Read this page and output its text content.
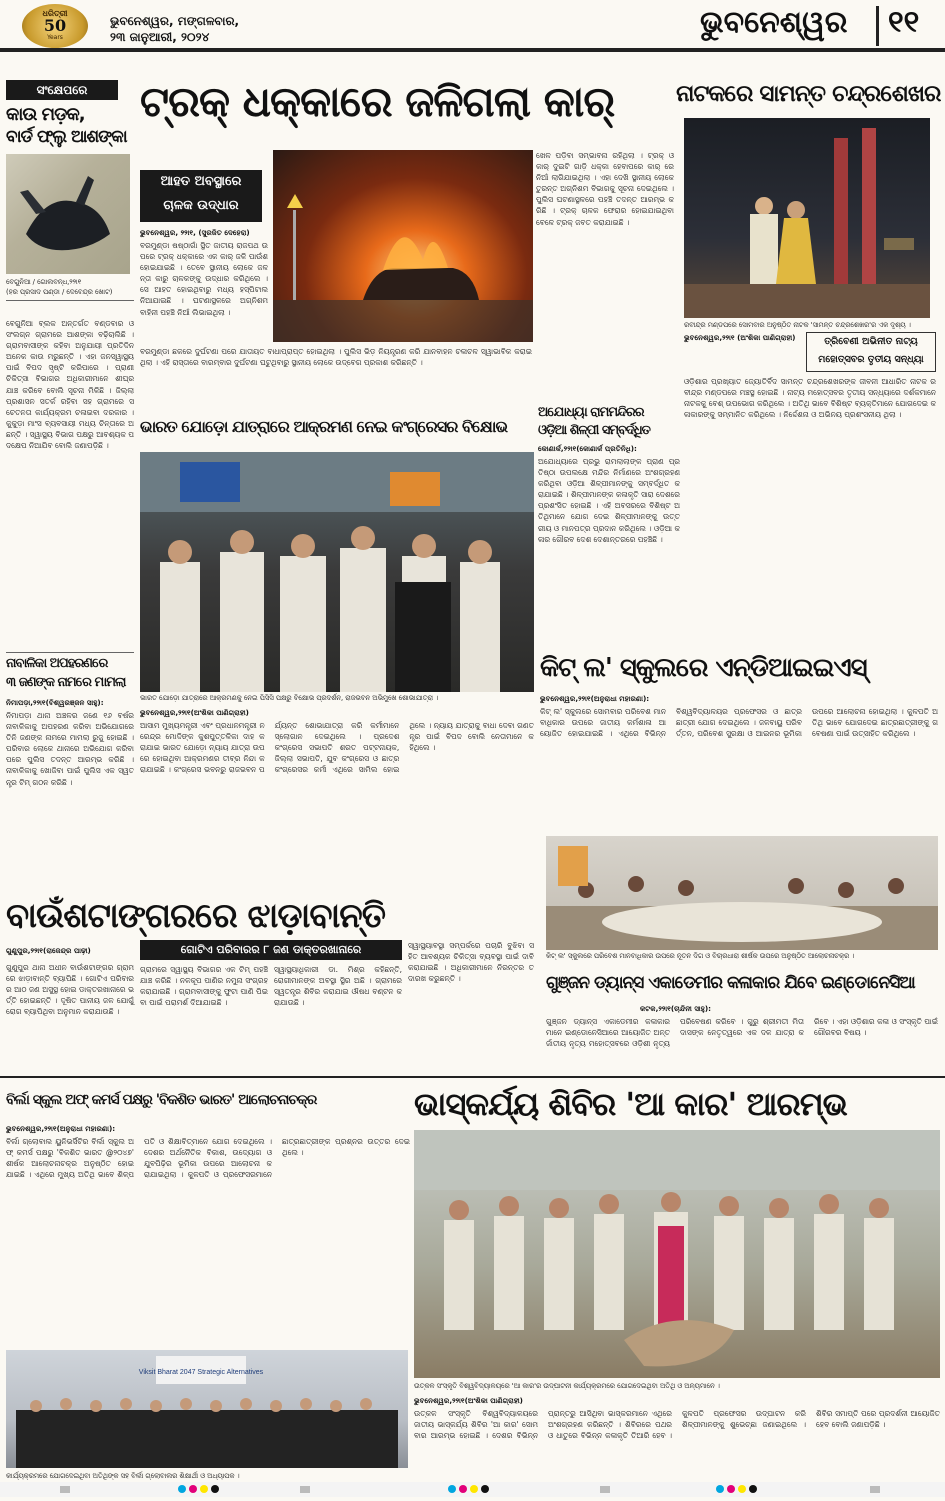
ଧରିତ୍ରୀ
50
Years
ଭୁବନେଶ୍ୱର, ମଙ୍ଗଳବାର,
୨୩ ଜାନୁଆରୀ, ୨୦୨୪	ଭୁବନେଶ୍ୱର ୧୧
ସଂକ୍ଷେପରେ
କାଉ ମଡ଼କ,
ବାର୍ଡ ଫ୍ଲୁ ଆଶଙ୍କା
ବେଗୁନିଆ / ଗୋଲବନ୍ଧ,୨୨ା୧
(ହର ପ୍ରସାଦ ପଣ୍ଡା / ଦେବେନ୍ଦ୍ର ଖୋଟ)
ବେଗୁନିଆ ବ୍ଲକ ଅନ୍ତର୍ଗତ ବଣ୍ଡବାର ଓ ସଂଲଗ୍ନ ଗ୍ରାମରେ ଆଶଙ୍କା ବଢ଼ିଚାଲିଛି । ଗ୍ରାମବାସୀଙ୍କ କହିବା ଅନୁଯାୟୀ ପ୍ରତିଦିନ ଅନେକ କାଉ ମରୁଛନ୍ତି । ଏହା ଜନସ୍ୱାସ୍ଥ୍ୟ ପାଇଁ ବିପଦ ସୃଷ୍ଟି କରିପାରେ । ପ୍ରାଣୀ ଚିକିତ୍ସା ବିଭାଗର ଅଧିକାରୀମାନେ ଶୀଘ୍ର ଯାଞ୍ଚ କରିବେ ବୋଲି ସୂଚନା ମିଳିଛି । ଜିଲ୍ଲା ପ୍ରଶାସନ ସତର୍କ ରହିବା ସହ ଗ୍ରାମରେ ସଚେତନତା କାର୍ଯ୍ୟକ୍ରମ ଚଳାଇବା ଦରକାର । କୁକୁଡ଼ା ମାଂସ ବ୍ୟବସାୟୀ ମଧ୍ୟ ଚିନ୍ତାରେ ଅଛନ୍ତି । ସ୍ୱାସ୍ଥ୍ୟ ବିଭାଗ ପକ୍ଷରୁ ଆବଶ୍ୟକ ପଦକ୍ଷେପ ନିଆଯିବ ବୋଲି ଜଣାପଡ଼ିଛି ।
ନାବାଳିକା ଅପହରଣରେ
୩ ଜଣଙ୍କ ନାମରେ ମାମଲା
ନିମାପଡ଼ା,୨୨ା୧(ବିଶ୍ୱରଞ୍ଜନ ସାହୁ):
ନିମାପଡ଼ା ଥାନା ଅଞ୍ଚଳର ଜଣେ ୧୬ ବର୍ଷର ନାବାଳିକାକୁ ଅପହରଣ କରିବା ଅଭିଯୋଗରେ ତିନି ଜଣଙ୍କ ନାମରେ ମାମଲା ରୁଜୁ ହୋଇଛି । ପରିବାର ଲୋକେ ଥାନାରେ ଅଭିଯୋଗ କରିବା ପରେ ପୁଲିସ ତଦନ୍ତ ଆରମ୍ଭ କରିଛି । ନାବାଳିକାକୁ ଖୋଜିବା ପାଇଁ ପୁଲିସ ଏକ ସ୍ୱତନ୍ତ୍ର ଟିମ୍ ଗଠନ କରିଛି ।
ଟ୍ରକ୍ ଧକ୍କାରେ ଜଳିଗଲା କାର୍
ଆହତ ଅବସ୍ଥାରେ
ଚାଳକ ଉଦ୍ଧାର
ଭୁବନେଶ୍ୱର, ୨୨ା୧, (ସୁରଜିତ ଦେହେରା)
ବରମୁଣ୍ଡା ଷଷ୍ଠାଗାଁ ସ୍ଥିତ ଜାତୀୟ ରାଜପଥ ଉପରେ ଟ୍ରକ୍ ଧକ୍କାରେ ଏକ କାର୍ ଜଳି ପାଉଁଶ ହୋଇଯାଇଛି । ତେବେ ସ୍ଥାନୀୟ ଲୋକେ ଜଳନ୍ତା କାରୁ ଚାଳକଙ୍କୁ ଉଦ୍ଧାର କରିଥିଲେ । ସେ ଆହତ ହୋଇଥିବାରୁ ମଧ୍ୟ ହସ୍ପିଟାଲ ନିଆଯାଇଛି । ଘଟଣାସ୍ଥଳରେ ଅଗ୍ନିଶମ ବାହିନୀ ପହଞ୍ଚି ନିଆଁ ଲିଭାଇଥିଲା ।
ଖେଳ ପଡ଼ିବା ସମ୍ଭାବନା ରହିଥିଲା । ଟ୍ରକ୍ ଓ କାର୍ ଦୁଇଟି ଗାଡ଼ି ଧକ୍କା ହେବାପରେ କାର୍ ରେ ନିଆଁ ଲାଗିଯାଇଥିଲା । ଏହା ଦେଖି ସ୍ଥାନୀୟ ଲୋକେ ତୁରନ୍ତ ଅଗ୍ନିଶମ ବିଭାଗକୁ ସୂଚନା ଦେଇଥିଲେ । ପୁଲିସ ଘଟଣାସ୍ଥଳରେ ପହଞ୍ଚି ତଦନ୍ତ ଆରମ୍ଭ କରିଛି । ଟ୍ରକ୍ ଚାଳକ ଫେରାର ହୋଇଯାଇଥିବା ବେଳେ ଟ୍ରକ୍ ଜବତ କରାଯାଇଛି ।
ବରମୁଣ୍ଡା ଛକରେ ଦୁର୍ଘଟଣା ପରେ ଯାତାୟତ ବାଧାପ୍ରାପ୍ତ ହୋଇଥିଲା । ପୁଲିସ ଭିଡ଼ ନିୟନ୍ତ୍ରଣ କରି ଯାନବାହନ ଚଳାଚଳ ସ୍ୱାଭାବିକ କରାଇଥିଲା । ଏହି ରାସ୍ତାରେ ବାରମ୍ବାର ଦୁର୍ଘଟଣା ଘଟୁଥିବାରୁ ସ୍ଥାନୀୟ ଲୋକେ ଉଦ୍ବେଗ ପ୍ରକାଶ କରିଛନ୍ତି ।
ନାଟକରେ ସାମନ୍ତ ଚନ୍ଦ୍ରଶେଖର
ରବୀନ୍ଦ୍ର ମଣ୍ଡପରେ ସୋମବାର ଅନୁଷ୍ଠିତ ନାଟକ 'ସାମନ୍ତ ଚନ୍ଦ୍ରଶେଖର'ର ଏକ ଦୃଶ୍ୟ ।
ଭୁବନେଶ୍ୱର,୨୨ା୧ (ଅଂଶିକା ପାଣିଗ୍ରାହୀ)	ତ୍ରିବେଣୀ ଅଭିନୀତ ନାଟ୍ୟ
ମହୋତ୍ସବର ତୃତୀୟ ସନ୍ଧ୍ୟା
ଓଡ଼ିଶାର ପ୍ରଖ୍ୟାତ ଜ୍ୟୋତିର୍ବିଦ ସାମନ୍ତ ଚନ୍ଦ୍ରଶେଖରଙ୍କ ଜୀବନୀ ଆଧାରିତ ନାଟକ ରବୀନ୍ଦ୍ର ମଣ୍ଡପରେ ମଞ୍ଚସ୍ଥ ହୋଇଛି । ନାଟ୍ୟ ମହୋତ୍ସବର ତୃତୀୟ ସନ୍ଧ୍ୟାରେ ଦର୍ଶକମାନେ ନାଟକକୁ ବେଶ୍ ଉପଭୋଗ କରିଥିଲେ । ଅତିଥି ଭାବେ ବିଶିଷ୍ଟ ବ୍ୟକ୍ତିମାନେ ଯୋଗଦେଇ କଳାକାରଙ୍କୁ ସମ୍ମାନିତ କରିଥିଲେ । ନିର୍ଦ୍ଦେଶନା ଓ ଅଭିନୟ ପ୍ରଶଂସନୀୟ ଥିଲା ।
ଭାରତ ଯୋଡ଼ୋ ଯାତ୍ରାରେ ଆକ୍ରମଣ ନେଇ କଂଗ୍ରେସର ବିକ୍ଷୋଭ
ଭାରତ ଯୋଡ଼ୋ ଯାତ୍ରାରେ ଆକ୍ରମଣକୁ ନେଇ ପିସିସି ପକ୍ଷରୁ ବିକ୍ଷୋଭ ପ୍ରଦର୍ଶନ, ରାଜଭବନ ଅଭିମୁଖେ ଶୋଭାଯାତ୍ରା ।
ଭୁବନେଶ୍ୱର,୨୨ା୧(ଅଂଶିକା ପାଣିଗ୍ରାହୀ)
ଆସାମ ମୁଖ୍ୟମନ୍ତ୍ରୀ ଏବଂ ପ୍ରଧାନମନ୍ତ୍ରୀ ନରେନ୍ଦ୍ର ମୋଦିଙ୍କ କୁଶପୁତ୍ତଳିକା ଦାହ କରାଯାଇ ଭାରତ ଯୋଡ଼ୋ ନ୍ୟାୟ ଯାତ୍ରା ଉପରେ ହୋଇଥିବା ଆକ୍ରମଣର ତୀବ୍ର ନିନ୍ଦା କରାଯାଇଛି । କଂଗ୍ରେସ ଭବନରୁ ରାଜଭବନ ପର୍ଯ୍ୟନ୍ତ ଶୋଭାଯାତ୍ରା କରି କର୍ମୀମାନେ ସ୍ଲୋଗାନ ଦେଇଥିଲେ । ପ୍ରଦେଶ କଂଗ୍ରେସ ସଭାପତି ଶରତ ପଟ୍ଟନାୟକ, ଜିଲ୍ଲା ସଭାପତି, ଯୁବ କଂଗ୍ରେସ ଓ ଛାତ୍ର କଂଗ୍ରେସର କର୍ମୀ ଏଥିରେ ସାମିଲ ହୋଇଥିଲେ । ନ୍ୟାୟ ଯାତ୍ରାକୁ ବାଧା ଦେବା ଗଣତନ୍ତ୍ର ପାଇଁ ବିପଦ ବୋଲି ନେତାମାନେ କହିଥିଲେ ।
ଅଯୋଧ୍ୟା ରାମମନ୍ଦିରର
ଓଡ଼ିଆ ଶିଳ୍ପୀ ସମ୍ବର୍ଦ୍ଧିତ
କୋଣାର୍କ,୨୨ା୧(କୋଣାର୍କ ପ୍ରତିନିଧି):
ଅଯୋଧ୍ୟାରେ ପ୍ରଭୁ ରାମଲାଲାଙ୍କ ପ୍ରାଣ ପ୍ରତିଷ୍ଠା ଉପଲକ୍ଷେ ମନ୍ଦିର ନିର୍ମାଣରେ ଅଂଶଗ୍ରହଣ କରିଥିବା ଓଡ଼ିଆ ଶିଳ୍ପୀମାନଙ୍କୁ ସମ୍ବର୍ଦ୍ଧିତ କରାଯାଇଛି । ଶିଳ୍ପୀମାନଙ୍କ କଳାକୃତି ସାରା ଦେଶରେ ପ୍ରଶଂସିତ ହୋଇଛି । ଏହି ଅବସରରେ ବିଶିଷ୍ଟ ଅତିଥିମାନେ ଯୋଗ ଦେଇ ଶିଳ୍ପୀମାନଙ୍କୁ ଉତ୍ତରୀୟ ଓ ମାନପତ୍ର ପ୍ରଦାନ କରିଥିଲେ । ଓଡ଼ିଆ କଳାର ଗୌରବ ଦେଶ ଦେଶାନ୍ତରରେ ପହଞ୍ଚିଛି ।
କିଟ୍ ଲ' ସ୍କୁଲରେ ଏନ୍‌ଡିଆଇଇଏସ୍
ଭୁବନେଶ୍ୱର,୨୨ା୧(ଅନୁରାଧା ମହାରଣା):
କିଟ୍ ଲ' ସ୍କୁଲରେ ସୋମବାର ପରିବେଶ ମାନବାଧିକାର ଉପରେ ଜାତୀୟ କର୍ମଶାଳା ଆୟୋଜିତ ହୋଇଯାଇଛି । ଏଥିରେ ବିଭିନ୍ନ ବିଶ୍ୱବିଦ୍ୟାଳୟର ପ୍ରଫେସର ଓ ଛାତ୍ରଛାତ୍ରୀ ଯୋଗ ଦେଇଥିଲେ । ଜଳବାୟୁ ପରିବର୍ତ୍ତନ, ପରିବେଶ ସୁରକ୍ଷା ଓ ଆଇନର ଭୂମିକା ଉପରେ ଆଲୋଚନା ହୋଇଥିଲା । କୁଳପତି ଅତିଥି ଭାବେ ଯୋଗଦେଇ ଛାତ୍ରଛାତ୍ରୀଙ୍କୁ ଗବେଷଣା ପାଇଁ ଉତ୍ସାହିତ କରିଥିଲେ ।
କିଟ୍ ଲ' ସ୍କୁଲରେ ପରିବେଶ ମାନବାଧିକାର ଉପରେ ନୂତନ ଦିଗ ଓ ବିଚାରଧାରା ଶୀର୍ଷକ ଉପରେ ଅନୁଷ୍ଠିତ ଆଲୋଚନାଚକ୍ର ।
ବାଉଁଶଟାଙ୍ଗରରେ ଝାଡ଼ାବାନ୍ତି
ଗୁଣୁପୁର,୨୨ା୧(ରାଜେନ୍ଦ୍ର ପାଢ଼ୀ)	ଗୋଟିଏ ପରିବାରର ୮ ଜଣ ଡାକ୍ତରଖାନାରେ
ଗୁଣୁପୁର ଥାନା ଅଧୀନ ବାଉଁଶଟାଙ୍ଗର ଗ୍ରାମରେ ଝାଡ଼ାବାନ୍ତି ବ୍ୟାପିଛି । ଗୋଟିଏ ପରିବାରର ଆଠ ଜଣ ଅସୁସ୍ଥ ହୋଇ ଡାକ୍ତରଖାନାରେ ଭର୍ତ୍ତି ହୋଇଛନ୍ତି । ଦୂଷିତ ପାନୀୟ ଜଳ ଯୋଗୁଁ ରୋଗ ବ୍ୟାପିଥିବା ଅନୁମାନ କରାଯାଉଛି ।
ଗ୍ରାମରେ ସ୍ୱାସ୍ଥ୍ୟ ବିଭାଗର ଏକ ଟିମ୍ ପହଞ୍ଚି ଯାଞ୍ଚ କରିଛି । ନଳକୂପ ପାଣିର ନମୁନା ସଂଗ୍ରହ କରାଯାଇଛି । ଗ୍ରାମବାସୀଙ୍କୁ ଫୁଟା ପାଣି ପିଇବା ପାଇଁ ପରାମର୍ଶ ଦିଆଯାଇଛି ।
ସ୍ୱାସ୍ଥ୍ୟାଧିକାରୀ ଡା. ମିଶ୍ର କହିଛନ୍ତି, ରୋଗୀମାନଙ୍କ ଅବସ୍ଥା ସ୍ଥିର ଅଛି । ଗ୍ରାମରେ ସ୍ୱତନ୍ତ୍ର ଶିବିର କରାଯାଇ ଔଷଧ ବଣ୍ଟନ କରାଯାଉଛି ।
ସ୍ୱାସ୍ଥ୍ୟାବସ୍ଥା ସମ୍ପର୍କରେ ପଚାରି ବୁଝିବା ସହିତ ଆବଶ୍ୟକ ଚିକିତ୍ସା ବ୍ୟବସ୍ଥା ପାଇଁ ଦାବି କରାଯାଇଛି । ଅଧିକାରୀମାନେ ନିରନ୍ତର ତଦାରଖ କରୁଛନ୍ତି ।	ଗୁଞ୍ଜନ ଡ୍ୟାନ୍ସ ଏକାଡେମୀର କଳାକାର ଯିବେ ଇଣ୍ଡୋନେସିଆ
କଟକ,୨୨ା୧(ଚାନ୍ଦିନୀ ସାହୁ):
ଗୁଞ୍ଜନ ଡ୍ୟାନ୍ସ ଏକାଡେମୀର କଳାକାରମାନେ ଇଣ୍ଡୋନେସିଆରେ ଆୟୋଜିତ ଅନ୍ତର୍ଜାତୀୟ ନୃତ୍ୟ ମହୋତ୍ସବରେ ଓଡ଼ିଶୀ ନୃତ୍ୟ ପରିବେଷଣ କରିବେ । ଗୁରୁ ଶ୍ରୀମତୀ ମିତା ଦାସଙ୍କ ନେତୃତ୍ୱରେ ଏକ ଦଳ ଯାତ୍ରା କରିବେ । ଏହା ଓଡ଼ିଶାର କଳା ଓ ସଂସ୍କୃତି ପାଇଁ ଗୌରବର ବିଷୟ ।
ବିର୍ଲା ସ୍କୁଲ ଅଫ୍ କମର୍ସ ପକ୍ଷରୁ 'ବିକଶିତ ଭାରତ' ଆଲୋଚନାଚକ୍ର
ଭୁବନେଶ୍ୱର,୨୨ା୧(ଅନୁରାଧା ମହାରଣା):
ବିର୍ଲା ଗ୍ଲୋବାଲ ୟୁନିଭର୍ସିଟିର ବିର୍ଲା ସ୍କୁଲ ଅଫ୍ କମର୍ସ ପକ୍ଷରୁ 'ବିକଶିତ ଭାରତ @୨୦୪୭' ଶୀର୍ଷକ ଆଲୋଚନାଚକ୍ର ଅନୁଷ୍ଠିତ ହୋଇଯାଇଛି । ଏଥିରେ ମୁଖ୍ୟ ଅତିଥି ଭାବେ ଶିଳ୍ପପତି ଓ ଶିକ୍ଷାବିତ୍‌ମାନେ ଯୋଗ ଦେଇଥିଲେ । ଦେଶର ଅର୍ଥନୈତିକ ବିକାଶ, ଉଦ୍ୟୋଗ ଓ ଯୁବପିଢ଼ିର ଭୂମିକା ଉପରେ ଆଲୋଚନା କରାଯାଇଥିଲା । କୁଳପତି ଓ ପ୍ରଫେସରମାନେ ଛାତ୍ରଛାତ୍ରୀଙ୍କ ପ୍ରଶ୍ନର ଉତ୍ତର ଦେଇଥିଲେ ।
Viksit Bharat 2047 Strategic Alternatives
କାର୍ଯ୍ୟକ୍ରମରେ ଯୋଗଦେଇଥିବା ଅତିଥିଙ୍କ ସହ ବିର୍ଲା ଗ୍ଲୋବାଲର ଶିକ୍ଷାର୍ଥୀ ଓ ଅଧ୍ୟାପକ ।
ଭାସ୍କର୍ଯ୍ୟ ଶିବିର 'ଆ କାର' ଆରମ୍ଭ
ଉତ୍କଳ ସଂସ୍କୃତି ବିଶ୍ୱବିଦ୍ୟାଳୟରେ 'ଆ କାର'ର ଉଦ୍‌ଘାଟନୀ କାର୍ଯ୍ୟକ୍ରମରେ ଯୋଗଦେଇଥିବା ଅତିଥି ଓ ଅନ୍ୟମାନେ ।
ଭୁବନେଶ୍ୱର,୨୨ା୧(ଅଂଶିକା ପାଣିଗ୍ରାହୀ)
ଉତ୍କଳ ସଂସ୍କୃତି ବିଶ୍ୱବିଦ୍ୟାଳୟରେ ଜାତୀୟ ଭାସ୍କର୍ଯ୍ୟ ଶିବିର 'ଆ କାର' ସୋମବାର ଆରମ୍ଭ ହୋଇଛି । ଦେଶର ବିଭିନ୍ନ ପ୍ରାନ୍ତରୁ ଆସିଥିବା ଭାସ୍କରମାନେ ଏଥିରେ ଅଂଶଗ୍ରହଣ କରିଛନ୍ତି । ଶିବିରରେ ପଥର ଓ ଧାତୁରେ ବିଭିନ୍ନ କଳାକୃତି ତିଆରି ହେବ । କୁଳପତି ପ୍ରଫେସର ଉଦ୍‌ଘାଟନ କରି ଶିଳ୍ପୀମାନଙ୍କୁ ଶୁଭେଚ୍ଛା ଜଣାଇଥିଲେ । ଶିବିର ସମାପ୍ତି ପରେ ପ୍ରଦର୍ଶନୀ ଆୟୋଜିତ ହେବ ବୋଲି ଜଣାପଡ଼ିଛି ।
